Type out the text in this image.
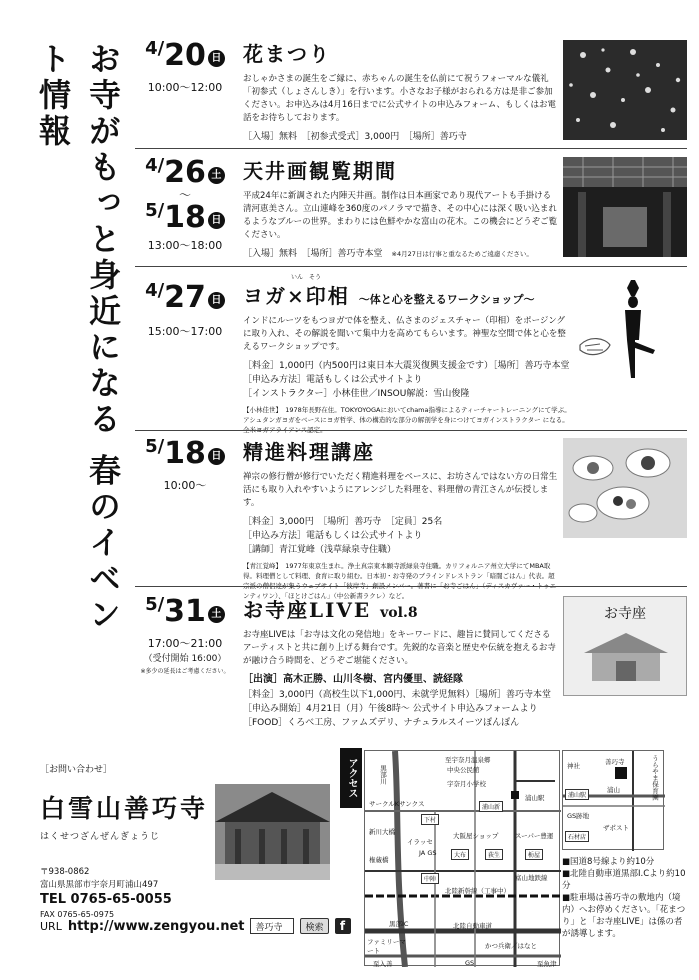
お寺がもっと身近になる 春のイベント情報	4/20 日
10:00〜12:00
花まつり
おしゃかさまの誕生をご縁に、赤ちゃんの誕生を仏前にて祝うフォーマルな儀礼「初参式（しょさんしき）」を行います。小さなお子様がおられる方は是非ご参加ください。お申込みは4月16日までに公式サイトの申込みフォーム、もしくはお電話をお待ちしております。
［入場］無料　［初参式受式］3,000円　［場所］善巧寺
4/26 土
〜
5/18 日
13:00〜18:00
天井画観覧期間
平成24年に新調された内陣天井画。制作は日本画家であり現代アートも手掛ける清河恵美さん。立山連峰を360度のパノラマで描き、その中心には深く吸い込まれるようなブルーの世界。まわりには色鮮やかな富山の花木。この機会にどうぞご覧ください。
［入場］無料　［場所］善巧寺本堂　 ※4月27日は行事と重なるためご遠慮ください。
4/27 日
15:00〜17:00
いん　そう
ヨガ×印相 〜体と心を整えるワークショップ〜
インドにルーツをもつヨガで体を整え、仏さまのジェスチャー（印相）をポージングに取り入れ、その解説を聞いて集中力を高めてもらいます。神聖な空間で体と心を整えるワークショップです。
［料金］1,000円（内500円は東日本大震災復興支援金です）［場所］善巧寺本堂
［申込み方法］電話もしくは公式サイトより
［インストラクター］小林佳世／INSOU解説：雪山俊隆
【小林佳世】　1978年長野在住。TOKYOYOGAにおいてchama指導によるティーチャートレーニングにて学ぶ。アシュタンガヨガをベースにヨガ哲学、体の構造的な部分の解剖学を身につけてヨガインストラクター になる。全米ヨガアライアンス認定。
5/18 日
10:00〜
精進料理講座
禅宗の修行僧が修行でいただく精進料理をベースに、お坊さんではない方の日常生活にも取り入れやすいようにアレンジした料理を、料理僧の青江さんが伝授します。
［料金］3,000円　［場所］善巧寺　［定員］25名
［申込み方法］電話もしくは公式サイトより
［講師］青江覚峰（浅草緑泉寺住職）
【青江覚峰】　1977年東京生まれ。浄土真宗東本願寺派緑泉寺住職。カリフォルニア州立大学にてMBA取得。料理僧として料理、食育に取り組む。日本初・お寺発のブラインドレストラン「暗闇ごはん」代表。超宗派の僧侶達が集うウェブサイト「彼岸寺」創設メンバー。著書に「お寺ごはん」（ディスカヴァー・トゥエンティワン）、「ほとけごはん」（中公新書ラクレ）など。
5/31 土
17:00〜21:00
（受付開始 16:00）
※多少の延長はご考慮ください。
お寺座LIVE vol.8
お寺座LIVEは「お寺は文化の発信地」をキーワードに、趣旨に賛同してくださるアーティストと共に創り上げる舞台です。先鋭的な音楽と歴史や伝統を抱えるお寺が融け合う時間を、どうぞご堪能ください。
［出演］高木正勝、山川冬樹、宮内優里、読経隊
［料金］3,000円（高校生以下1,000円、未就学児無料）［場所］善巧寺本堂
［申込み開始］4月21日（月）午後8時〜 公式サイト申込みフォームより
［FOOD］くろべ工房、ファムズデリ、ナチュラルスイーツぽんぽん
お寺座
［お問い合わせ］
白雪山善巧寺
はくせつざんぜんぎょうじ
〒938-0862
富山県黒部市宇奈月町浦山497
TEL 0765-65-0055
FAX 0765-65-0975
URL http://www.zengyou.net	善巧寺	検索	f
アクセス	至宇奈月温泉郷
中央公民館
宇奈月小学校
黒部川
浦山駅
サークルKサンクス
下村
浦山新
新川大橋
イラッセ
大阪屋ショップ	スーパー豊運
JA GS	大布	荻生	栃屋
権蔵橋
中陣	富山地鉄線
北陸新幹線（工事中）
黒部IC	北陸自動車道
ファミリーマート
かつ兵衛／はなと
GS
至入善	至魚津
神社	善巧寺
浦山駅	うらやま保育園
浦山
GS跡地
ザポスト
石材店
■国道8号線より約10分
■北陸自動車道黒部I.Cより約10分
■駐車場は善巧寺の敷地内（境内）へお停めください。「花まつり」と「お寺座LIVE」は係の者が誘導します。
